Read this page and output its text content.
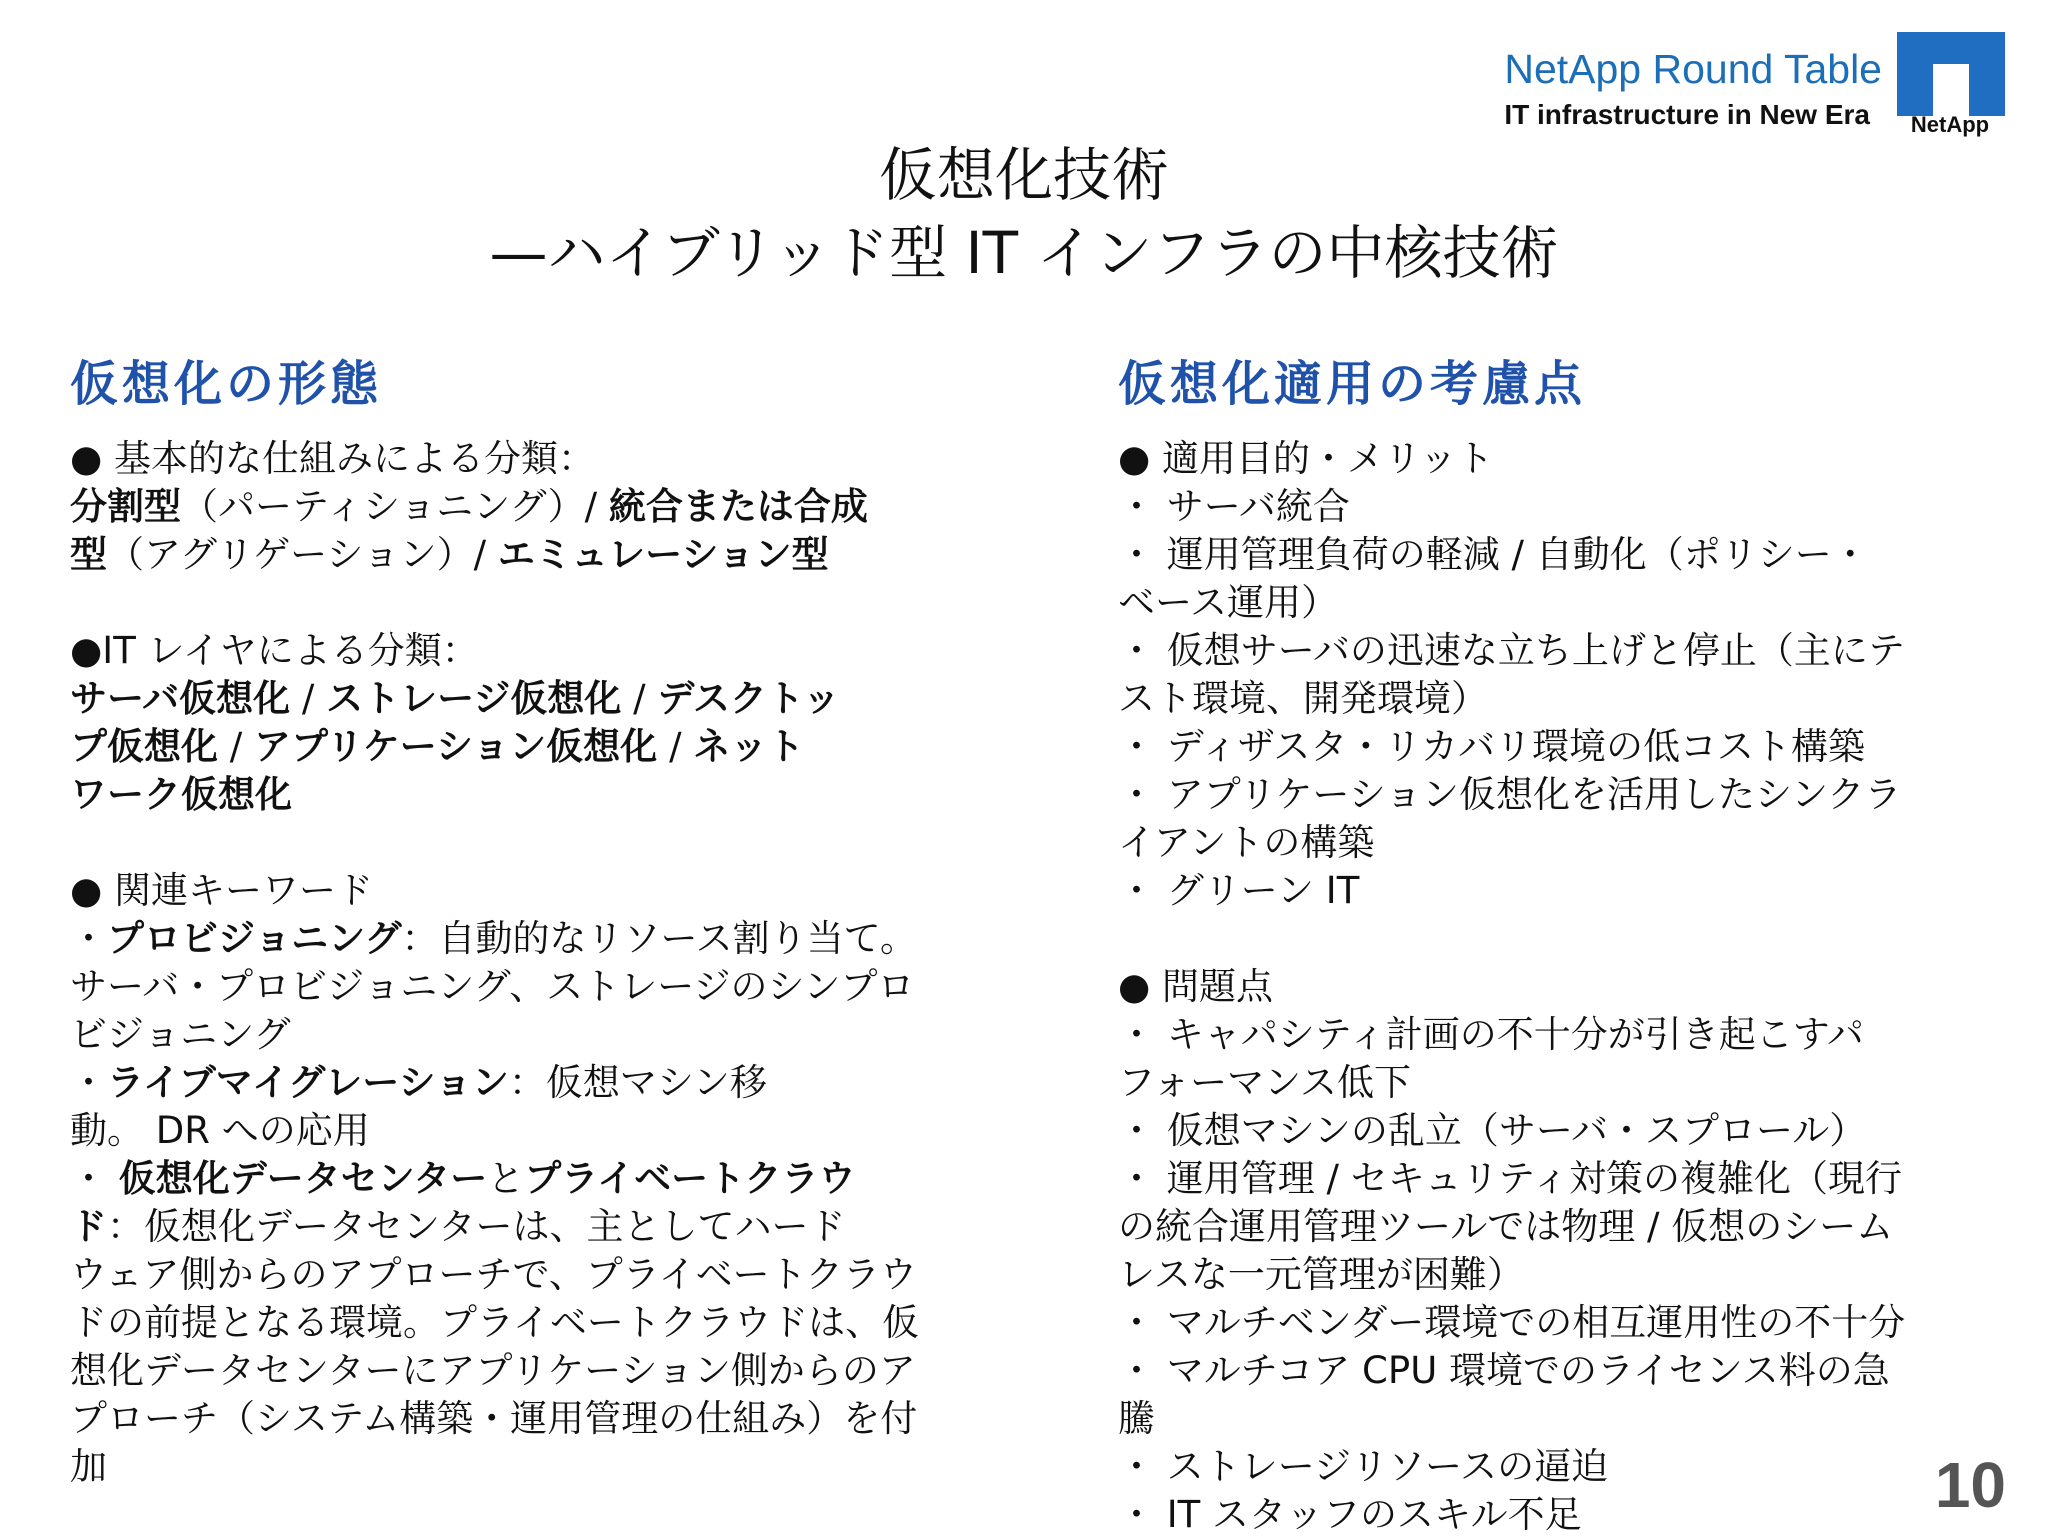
NetApp Round Table
IT infrastructure in New Era	NetApp
仮想化技術
—ハイブリッド型 IT インフラの中核技術
仮想化の形態
● 基本的な仕組みによる分類：
分割型（パーティショニング）/ 統合または合成
型（アグリゲーション）/ エミュレーション型
●IT レイヤによる分類：
サーバ仮想化 / ストレージ仮想化 / デスクトッ
プ仮想化 / アプリケーション仮想化 / ネット
ワーク仮想化
● 関連キーワード
・プロビジョニング：自動的なリソース割り当て。
サーバ・プロビジョニング、ストレージのシンプロ
ビジョニング
・ライブマイグレーション：仮想マシン移
動。 DR への応用
・ 仮想化データセンターとプライベートクラウ
ド：仮想化データセンターは、主としてハード
ウェア側からのアプローチで、プライベートクラウ
ドの前提となる環境。プライベートクラウドは、仮
想化データセンターにアプリケーション側からのア
プローチ（システム構築・運用管理の仕組み）を付
加
仮想化適用の考慮点
● 適用目的・メリット
・ サーバ統合
・ 運用管理負荷の軽減 / 自動化（ポリシー・
ベース運用）
・ 仮想サーバの迅速な立ち上げと停止（主にテ
スト環境、開発環境）
・ ディザスタ・リカバリ環境の低コスト構築
・ アプリケーション仮想化を活用したシンクラ
イアントの構築
・ グリーン IT
● 問題点
・ キャパシティ計画の不十分が引き起こすパ
フォーマンス低下
・ 仮想マシンの乱立（サーバ・スプロール）
・ 運用管理 / セキュリティ対策の複雑化（現行
の統合運用管理ツールでは物理 / 仮想のシーム
レスな一元管理が困難）
・ マルチベンダー環境での相互運用性の不十分
・ マルチコア CPU 環境でのライセンス料の急
騰
・ ストレージリソースの逼迫
・ IT スタッフのスキル不足	10
